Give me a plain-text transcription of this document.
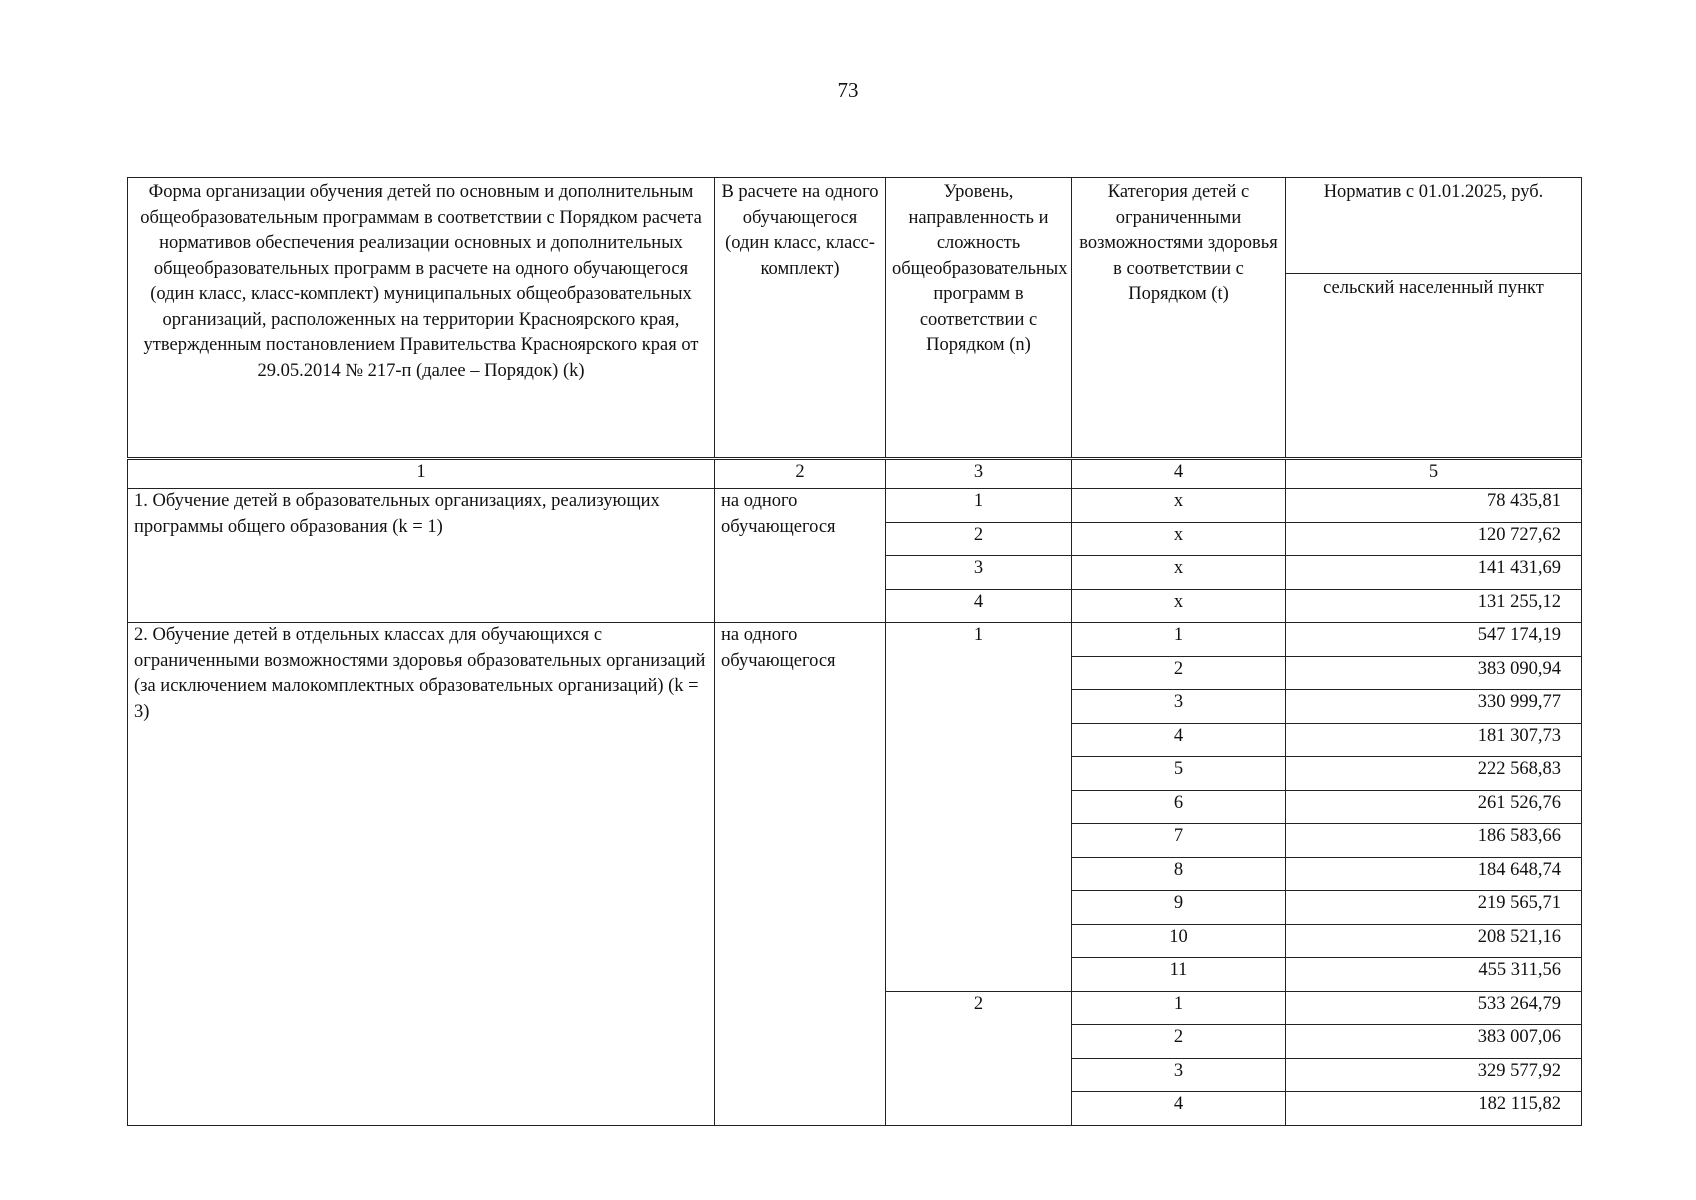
73
Форма организации обучения детей по основным и дополнительным общеобразовательным программам в соответствии с Порядком расчета нормативов обеспечения реализации основных и дополнительных общеобразовательных программ в расчете на одного обучающегося (один класс, класс-комплект) муниципальных общеобразовательных организаций, расположенных на территории Красноярского края, утвержденным постановлением Правительства Красноярского края от 29.05.2014 № 217-п (далее – Порядок) (k)	В расчете на одного обучающегося (один класс, класс-комплект)	Уровень, направленность и сложность общеобразовательных программ в соответствии с Порядком (n)	Категория детей с ограниченными возможностями здоровья в соответствии с Порядком (t)	Норматив с 01.01.2025, руб.
				сельский населенный пункт
1	2	3	4	5
1. Обучение детей в образовательных организациях, реализующих программы общего образования (k = 1)	на одного обучающегося	1	x	78 435,81
		2	x	120 727,62
		3	x	141 431,69
		4	x	131 255,12
2. Обучение детей в отдельных классах для обучающихся с ограниченными возможностями здоровья образовательных организаций (за исключением малокомплектных образовательных организаций) (k = 3)	на одного обучающегося	1	1	547 174,19
			2	383 090,94
			3	330 999,77
			4	181 307,73
			5	222 568,83
			6	261 526,76
			7	186 583,66
			8	184 648,74
			9	219 565,71
			10	208 521,16
			11	455 311,56
		2	1	533 264,79
			2	383 007,06
			3	329 577,92
			4	182 115,82
